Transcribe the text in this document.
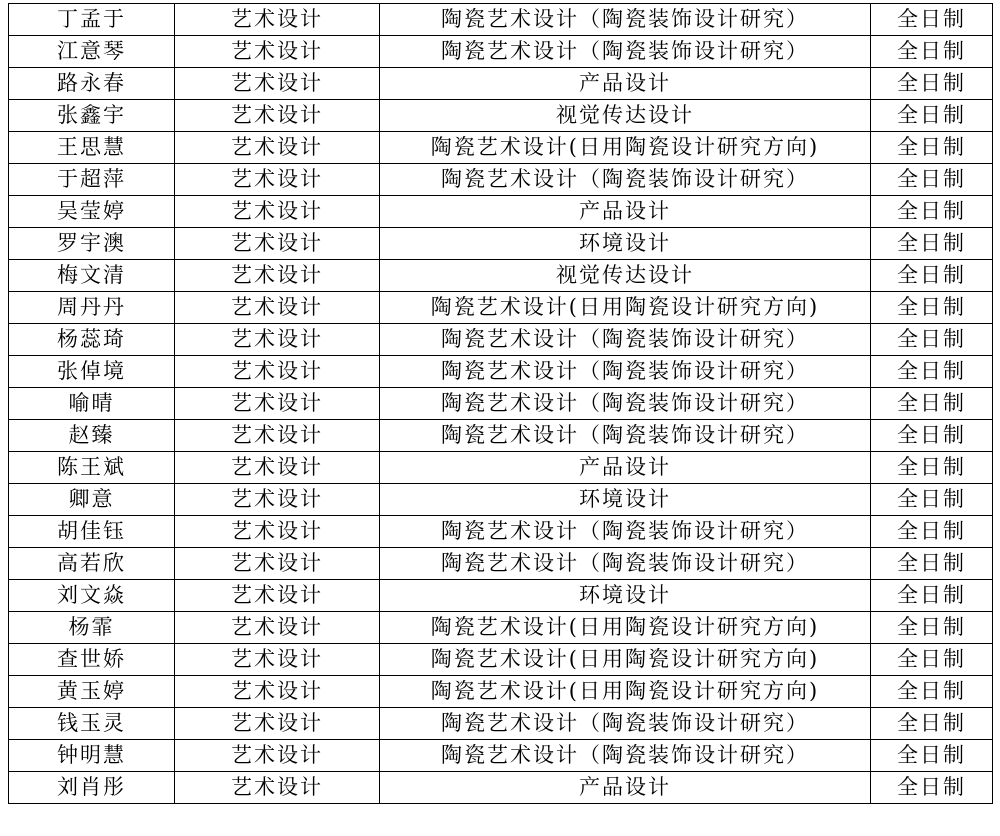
丁孟于	艺术设计	陶瓷艺术设计（陶瓷装饰设计研究）	全日制
江意琴	艺术设计	陶瓷艺术设计（陶瓷装饰设计研究）	全日制
路永春	艺术设计	产品设计	全日制
张鑫宇	艺术设计	视觉传达设计	全日制
王思慧	艺术设计	陶瓷艺术设计(日用陶瓷设计研究方向)	全日制
于超萍	艺术设计	陶瓷艺术设计（陶瓷装饰设计研究）	全日制
吴莹婷	艺术设计	产品设计	全日制
罗宇澳	艺术设计	环境设计	全日制
梅文清	艺术设计	视觉传达设计	全日制
周丹丹	艺术设计	陶瓷艺术设计(日用陶瓷设计研究方向)	全日制
杨蕊琦	艺术设计	陶瓷艺术设计（陶瓷装饰设计研究）	全日制
张倬境	艺术设计	陶瓷艺术设计（陶瓷装饰设计研究）	全日制
喻晴	艺术设计	陶瓷艺术设计（陶瓷装饰设计研究）	全日制
赵臻	艺术设计	陶瓷艺术设计（陶瓷装饰设计研究）	全日制
陈王斌	艺术设计	产品设计	全日制
卿意	艺术设计	环境设计	全日制
胡佳钰	艺术设计	陶瓷艺术设计（陶瓷装饰设计研究）	全日制
高若欣	艺术设计	陶瓷艺术设计（陶瓷装饰设计研究）	全日制
刘文焱	艺术设计	环境设计	全日制
杨霏	艺术设计	陶瓷艺术设计(日用陶瓷设计研究方向)	全日制
查世娇	艺术设计	陶瓷艺术设计(日用陶瓷设计研究方向)	全日制
黄玉婷	艺术设计	陶瓷艺术设计(日用陶瓷设计研究方向)	全日制
钱玉灵	艺术设计	陶瓷艺术设计（陶瓷装饰设计研究）	全日制
钟明慧	艺术设计	陶瓷艺术设计（陶瓷装饰设计研究）	全日制
刘肖彤	艺术设计	产品设计	全日制
